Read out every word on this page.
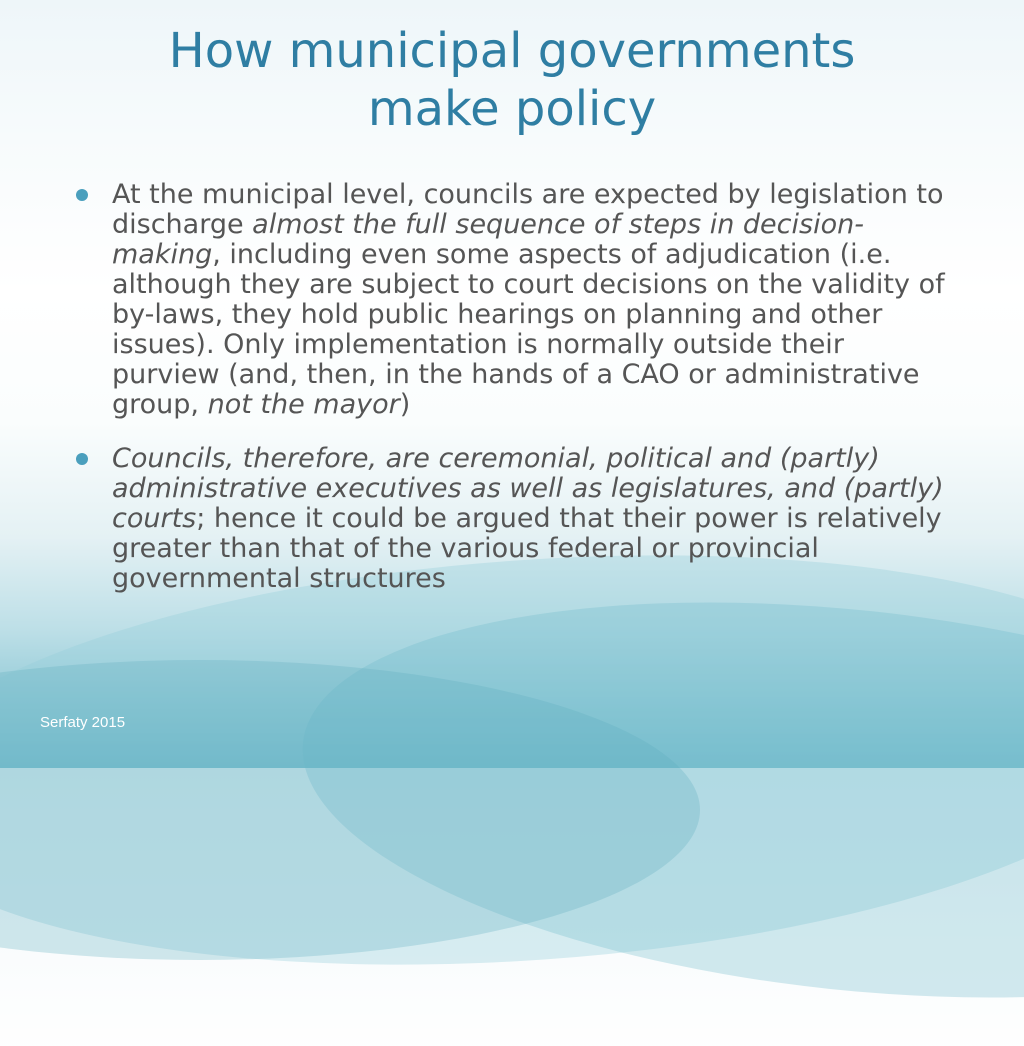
How municipal governments
make policy
At the municipal level, councils are expected by legislation to discharge almost the full sequence of steps in decision-making, including even some aspects of adjudication (i.e. although they are subject to court decisions on the validity of by-laws, they hold public hearings on planning and other issues). Only implementation is normally outside their purview (and, then, in the hands of a CAO or administrative group, not the mayor)
Councils, therefore, are ceremonial, political and (partly) administrative executives as well as legislatures, and (partly) courts; hence it could be argued that their power is relatively greater than that of the various federal or provincial governmental structures
Serfaty 2015
